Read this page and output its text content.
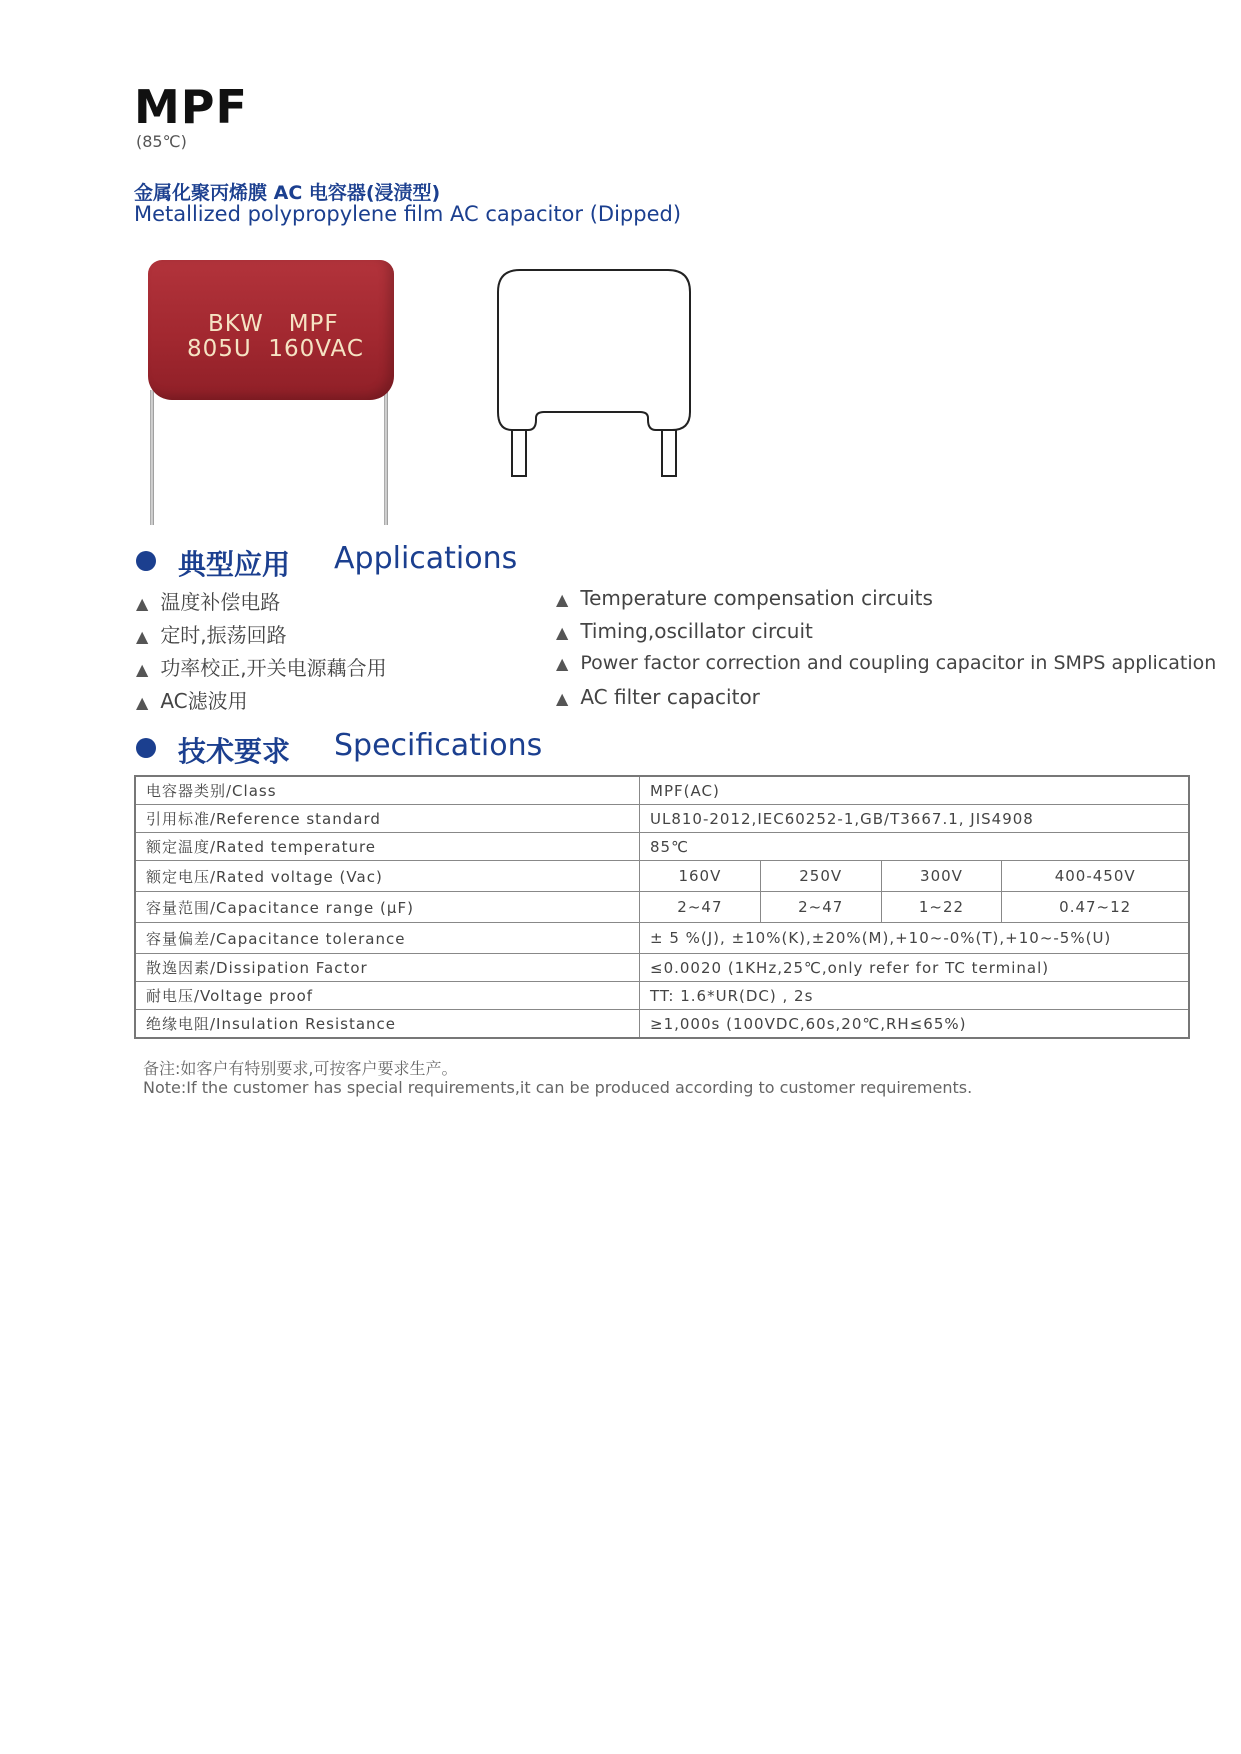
MPF
(85℃)
金属化聚丙烯膜 AC 电容器(浸渍型)
Metallized polypropylene film AC capacitor (Dipped)
BKW   MPF
805U  160VAC
典型应用 Applications
▲ 温度补偿电路
▲ 定时,振荡回路
▲ 功率校正,开关电源藕合用
▲ AC滤波用
▲ Temperature compensation circuits
▲ Timing,oscillator circuit
▲ Power factor correction and coupling capacitor in SMPS application
▲ AC filter capacitor
技术要求 Specifications
电容器类别/Class	MPF(AC)			
引用标准/Reference standard	UL810-2012,IEC60252-1,GB/T3667.1, JIS4908			
额定温度/Rated temperature	85℃			
额定电压/Rated voltage (Vac)	160V	250V	300V	400-450V
容量范围/Capacitance range (μF)	2~47	2~47	1~22	0.47~12
容量偏差/Capacitance tolerance	± 5 %(J), ±10%(K),±20%(M),+10~-0%(T),+10~-5%(U)			
散逸因素/Dissipation Factor	≤0.0020 (1KHz,25℃,only refer for TC terminal)			
耐电压/Voltage proof	TT: 1.6*UR(DC) , 2s			
绝缘电阻/Insulation Resistance	≥1,000s (100VDC,60s,20℃,RH≤65%)			
备注:如客户有特别要求,可按客户要求生产。
Note:If the customer has special requirements,it can be produced according to customer requirements.
